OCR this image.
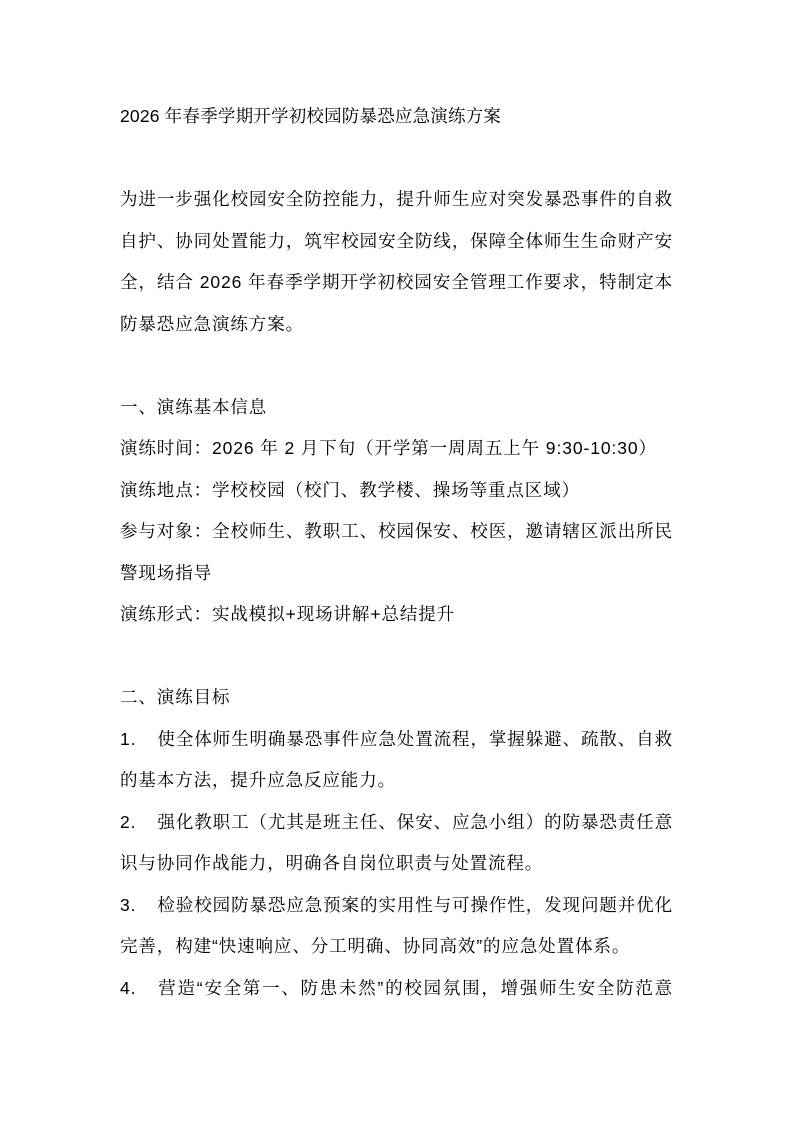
2026 年春季学期开学初校园防暴恐应急演练方案

为进一步强化校园安全防控能力，提升师生应对突发暴恐事件的自救自护、协同处置能力，筑牢校园安全防线，保障全体师生生命财产安全，结合 2026 年春季学期开学初校园安全管理工作要求，特制定本防暴恐应急演练方案。

一、演练基本信息

演练时间：2026 年 2 月下旬（开学第一周周五上午 9:30-10:30）

演练地点：学校校园（校门、教学楼、操场等重点区域）

参与对象：全校师生、教职工、校园保安、校医，邀请辖区派出所民警现场指导

演练形式：实战模拟+现场讲解+总结提升

二、演练目标

1. 使全体师生明确暴恐事件应急处置流程，掌握躲避、疏散、自救的基本方法，提升应急反应能力。

2. 强化教职工（尤其是班主任、保安、应急小组）的防暴恐责任意识与协同作战能力，明确各自岗位职责与处置流程。

3. 检验校园防暴恐应急预案的实用性与可操作性，发现问题并优化完善，构建“快速响应、分工明确、协同高效”的应急处置体系。

4. 营造“安全第一、防患未然”的校园氛围，增强师生安全防范意
